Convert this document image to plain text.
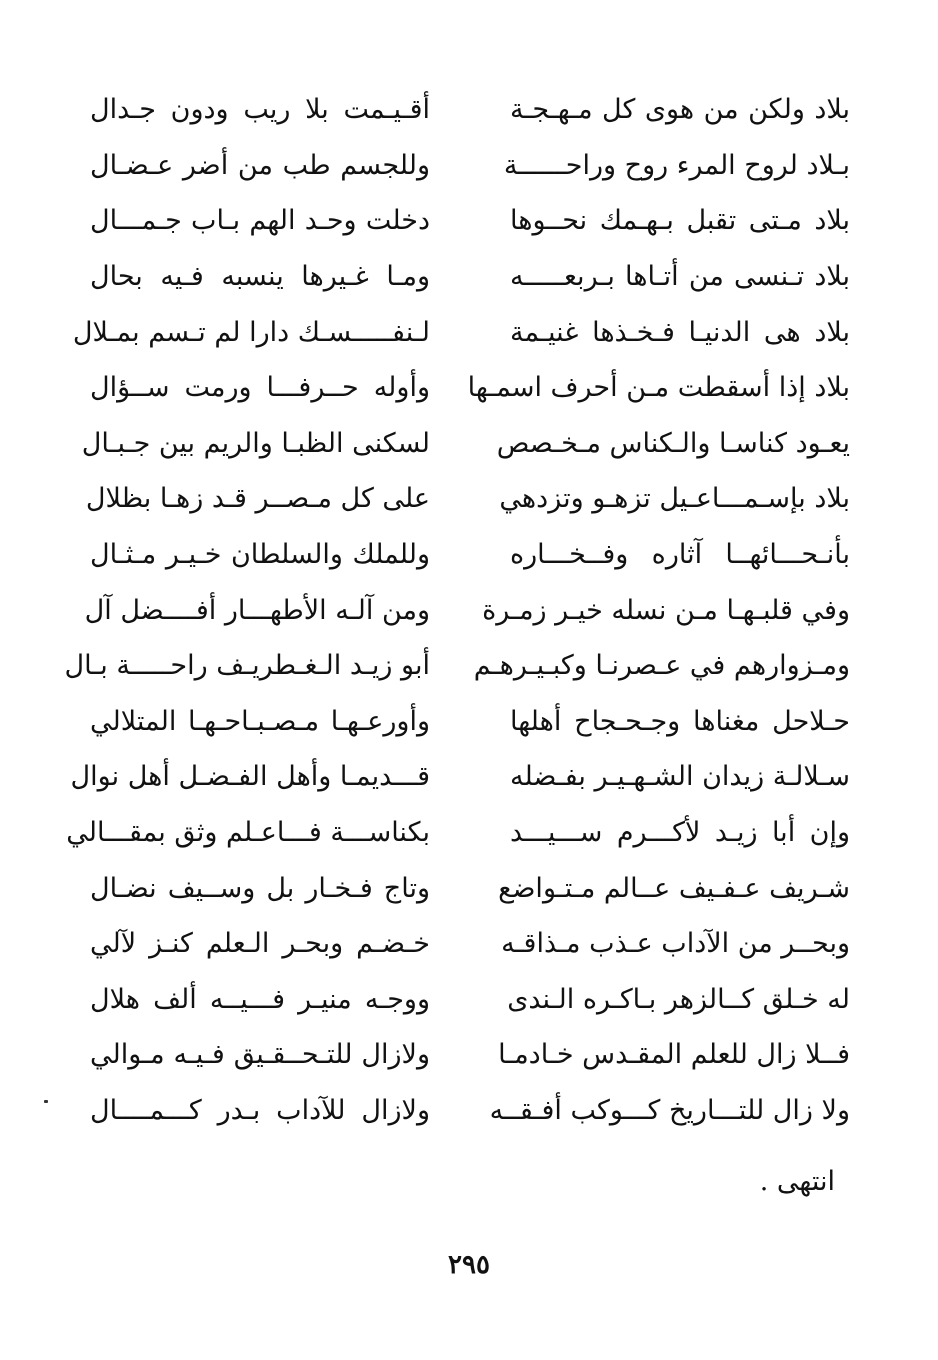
بلاد ولكن من هوى كل مـهـجـة
أقـيـمت بلا ريب ودون جـدال
بـلاد لروح المرء روح وراحــــــة
وللجسم طب من أضر عـضـال
بلاد مـتى تقبل بـهـمك نحــوها
دخلت وحـد الهم بـاب جـمـــال
بلاد تـنسى من أتـاها بـربعـــــه
ومـا غـيرها ينسبه فـيه بحال
بلاد هى الدنيـا فـخـذها غنيـمة
لـنفـــــسـك دارا لم تـسم بمـلال
بلاد إذا أسقطت مـن أحرف اسمـها
وأوله حــرفـــا ورمت ســؤال
يعـود كناسـا والـكناس مـخـصص
لسكنى الظبـا والريم بين جـبـال
بلاد بإسـمـــاعـيل تزهـو وتزدهي
على كل مـصــر قـد زهـا بظلال
بأنـحـــائهــا آثاره وفــخـــاره
وللملك والسلطان خـيـر مـثـال
وفي قلبـهـا مـن نسله خيـر زمـرة
ومن آلـه الأطهـــار أفــــضل آل
ومـزوارهم في عـصرنـا وكبـيـرهـم
أبو زيـد الـغـطريـف راحـــــة بـال
حـلاحل مغناها وجـحـجاح أهلها
وأورعـهـا مـصـبـاحـهـا المتلالي
سـلالـة زيدان الشـهـيـر بفـضله
قـــديمـا وأهل الفـضـل أهل نوال
وإن أبا زيـد لأكـــرم ســـيـــد
بكناســـة فـــاعـلم وثق بمقـــالي
شـريف عـفـيف عــالم مـتـواضع
وتاج فـخـار بل وســيف نضـال
وبحــر من الآداب عـذب مـذاقـه
خـضـم وبحـر الـعلم كنـز لآلي
له خـلق كــالزهر بـاكـره الـندى
ووجـه منيـر فـــيــه ألف هلال
فــلا زال للعلم المقـدس خـادمـا
ولازال للتـحــقـيق فـيـه مـوالي
ولا زال للتـــاريخ كـــوكب أفـقــه
ولازال للآداب بـدر كـــمــــال
انتهى .
٢٩٥
